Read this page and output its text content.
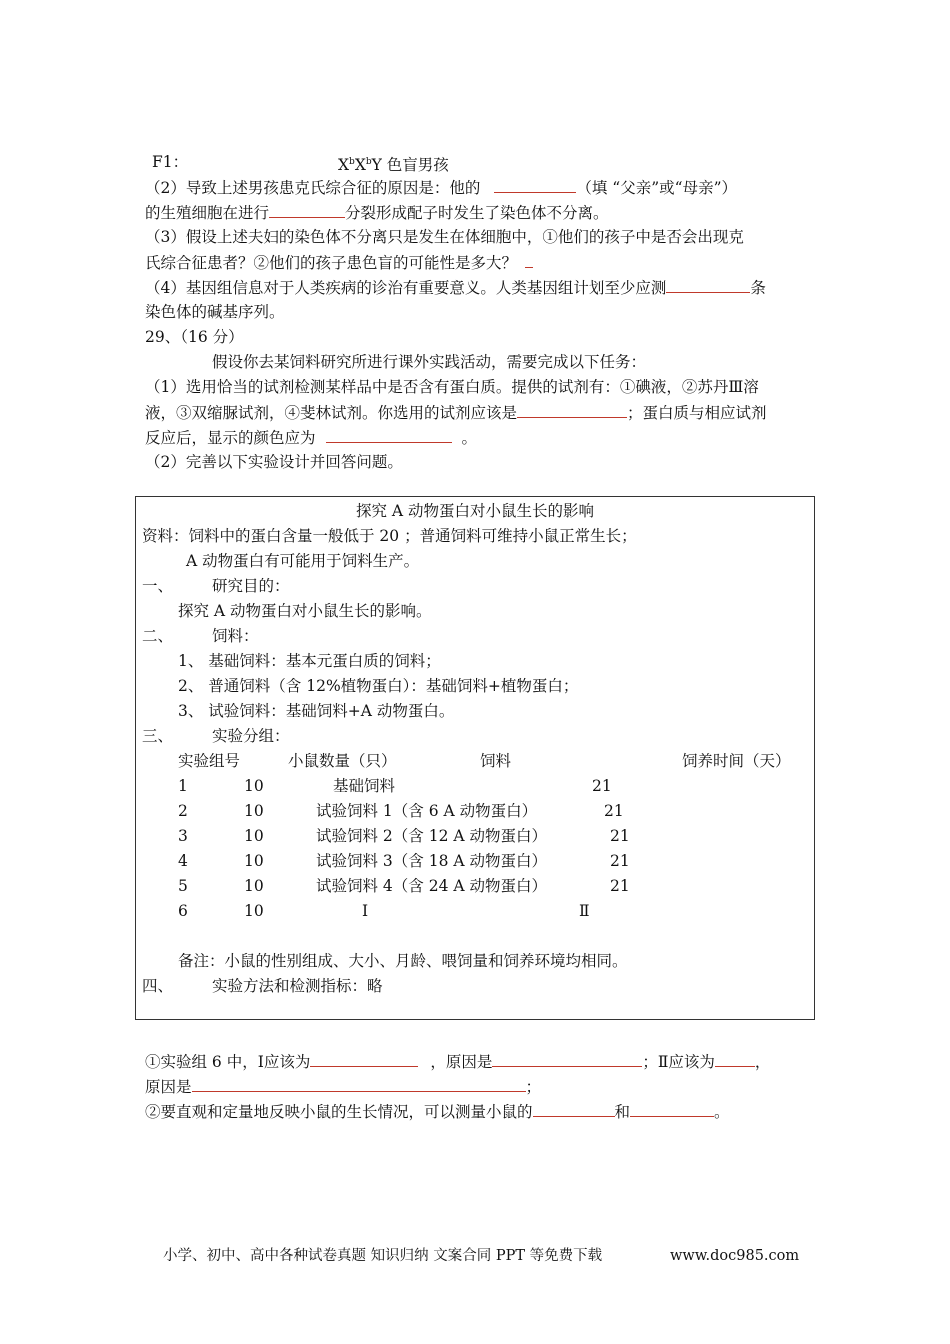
F1：	$X^bX^bY$ 色盲男孩
（2）导致上述男孩患克氏综合征的原因是：他的	（填 “父亲”或“母亲”）
的生殖细胞在进行	分裂形成配子时发生了染色体不分离。
（3）假设上述夫妇的染色体不分离只是发生在体细胞中，①他们的孩子中是否会出现克
氏综合征患者？②他们的孩子患色盲的可能性是多大？
（4）基因组信息对于人类疾病的诊治有重要意义。人类基因组计划至少应测	条
染色体的碱基序列。
29、（16 分）
假设你去某饲料研究所进行课外实践活动，需要完成以下任务：
（1）选用恰当的试剂检测某样品中是否含有蛋白质。提供的试剂有：①碘液，②苏丹Ⅲ溶
液，③双缩脲试剂，④斐林试剂。你选用的试剂应该是	；蛋白质与相应试剂
反应后，显示的颜色应为	。
（2）完善以下实验设计并回答问题。
探究 A 动物蛋白对小鼠生长的影响
资料：饲料中的蛋白含量一般低于 20 ；普通饲料可维持小鼠正常生长；
A 动物蛋白有可能用于饲料生产。
一、	研究目的：
探究 A 动物蛋白对小鼠生长的影响。
二、	饲料：
1、 基础饲料：基本元蛋白质的饲料；
2、 普通饲料（含 12%植物蛋白）：基础饲料+植物蛋白；
3、 试验饲料：基础饲料+A 动物蛋白。
三、	实验分组：
实验组号	小鼠数量（只）	饲料	饲养时间（天）
1	10	基础饲料	21
2	10	试验饲料 1（含 6 A 动物蛋白）	21
3	10	试验饲料 2（含 12 A 动物蛋白）	21
4	10	试验饲料 3（含 18 A 动物蛋白）	21
5	10	试验饲料 4（含 24 A 动物蛋白）	21
6	10	Ⅰ	Ⅱ
备注：小鼠的性别组成、大小、月龄、喂饲量和饲养环境均相同。
四、	实验方法和检测指标：略
①实验组 6 中，Ⅰ应该为	，原因是	；Ⅱ应该为	，
原因是	；
②要直观和定量地反映小鼠的生长情况，可以测量小鼠的	和	。
小学、初中、高中各种试卷真题 知识归纳 文案合同 PPT 等免费下载	www.doc985.com
